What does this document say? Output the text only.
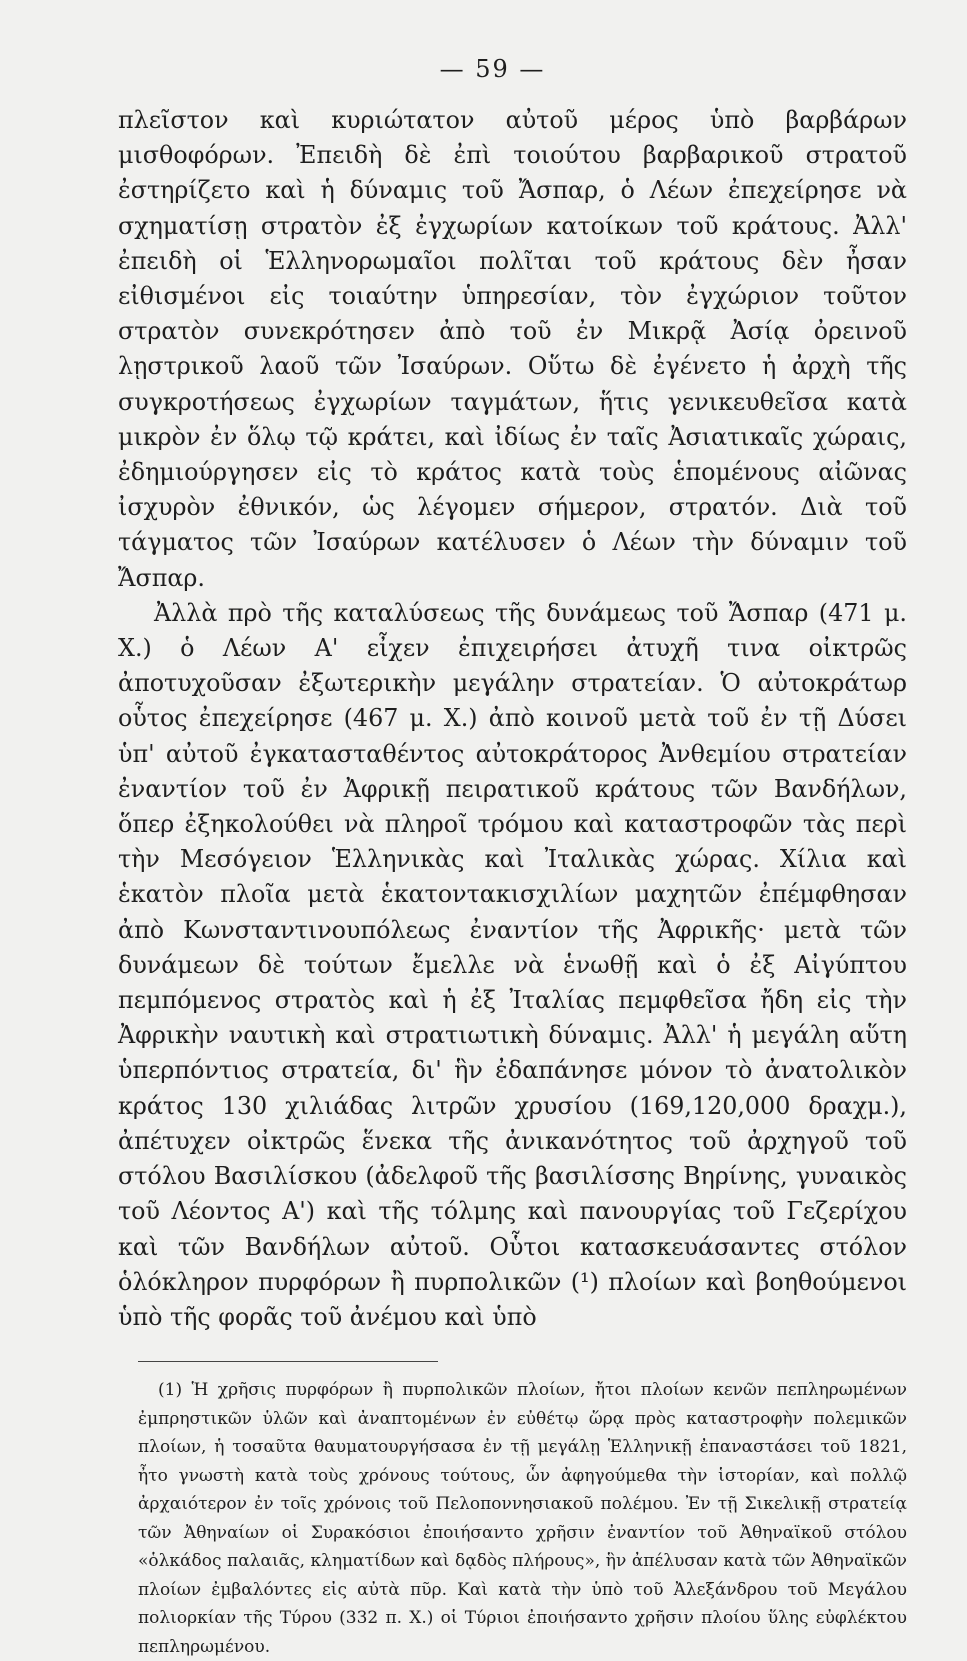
— 59 —

πλεῖστον καὶ κυριώτατον αὐτοῦ μέρος ὑπὸ βαρβάρων μισθοφόρων. Ἐπειδὴ δὲ ἐπὶ τοιούτου βαρβαρικοῦ στρατοῦ ἐστηρίζετο καὶ ἡ δύναμις τοῦ Ἄσπαρ, ὁ Λέων ἐπεχείρησε νὰ σχηματίσῃ στρατὸν ἐξ ἐγχωρίων κατοίκων τοῦ κράτους. Ἀλλ' ἐπειδὴ οἱ Ἑλληνορωμαῖοι πολῖται τοῦ κράτους δὲν ἦσαν εἰθισμένοι εἰς τοιαύτην ὑπηρεσίαν, τὸν ἐγχώριον τοῦτον στρατὸν συνεκρότησεν ἀπὸ τοῦ ἐν Μικρᾷ Ἀσίᾳ ὀρεινοῦ λῃστρικοῦ λαοῦ τῶν Ἰσαύρων. Οὕτω δὲ ἐγένετο ἡ ἀρχὴ τῆς συγκροτήσεως ἐγχωρίων ταγμάτων, ἥτις γενικευθεῖσα κατὰ μικρὸν ἐν ὅλῳ τῷ κράτει, καὶ ἰδίως ἐν ταῖς Ἀσιατικαῖς χώραις, ἐδημιούργησεν εἰς τὸ κράτος κατὰ τοὺς ἑπομένους αἰῶνας ἰσχυρὸν ἐθνικόν, ὡς λέγομεν σήμερον, στρατόν. Διὰ τοῦ τάγματος τῶν Ἰσαύρων κατέλυσεν ὁ Λέων τὴν δύναμιν τοῦ Ἄσπαρ.

Ἀλλὰ πρὸ τῆς καταλύσεως τῆς δυνάμεως τοῦ Ἄσπαρ (471 μ. Χ.) ὁ Λέων Α' εἶχεν ἐπιχειρήσει ἀτυχῆ τινα οἰκτρῶς ἀποτυχοῦσαν ἐξωτερικὴν μεγάλην στρατείαν. Ὁ αὐτοκράτωρ οὗτος ἐπεχείρησε (467 μ. Χ.) ἀπὸ κοινοῦ μετὰ τοῦ ἐν τῇ Δύσει ὑπ' αὐτοῦ ἐγκατασταθέντος αὐτοκράτορος Ἀνθεμίου στρατείαν ἐναντίον τοῦ ἐν Ἀφρικῇ πειρατικοῦ κράτους τῶν Βανδήλων, ὅπερ ἐξηκολούθει νὰ πληροῖ τρόμου καὶ καταστροφῶν τὰς περὶ τὴν Μεσόγειον Ἑλληνικὰς καὶ Ἰταλικὰς χώρας. Χίλια καὶ ἑκατὸν πλοῖα μετὰ ἑκατοντακισχιλίων μαχητῶν ἐπέμφθησαν ἀπὸ Κωνσταντινουπόλεως ἐναντίον τῆς Ἀφρικῆς· μετὰ τῶν δυνάμεων δὲ τούτων ἔμελλε νὰ ἑνωθῇ καὶ ὁ ἐξ Αἰγύπτου πεμπόμενος στρατὸς καὶ ἡ ἐξ Ἰταλίας πεμφθεῖσα ἤδη εἰς τὴν Ἀφρικὴν ναυτικὴ καὶ στρατιωτικὴ δύναμις. Ἀλλ' ἡ μεγάλη αὕτη ὑπερπόντιος στρατεία, δι' ἣν ἐδαπάνησε μόνον τὸ ἀνατολικὸν κράτος 130 χιλιάδας λιτρῶν χρυσίου (169,120,000 δραχμ.), ἀπέτυχεν οἰκτρῶς ἕνεκα τῆς ἀνικανότητος τοῦ ἀρχηγοῦ τοῦ στόλου Βασιλίσκου (ἀδελφοῦ τῆς βασιλίσσης Βηρίνης, γυναικὸς τοῦ Λέοντος Α') καὶ τῆς τόλμης καὶ πανουργίας τοῦ Γεζερίχου καὶ τῶν Βανδήλων αὐτοῦ. Οὗτοι κατασκευάσαντες στόλον ὁλόκληρον πυρφόρων ἢ πυρπολικῶν (¹) πλοίων καὶ βοηθούμενοι ὑπὸ τῆς φορᾶς τοῦ ἀνέμου καὶ ὑπὸ

(1) Ἡ χρῆσις πυρφόρων ἢ πυρπολικῶν πλοίων, ἤτοι πλοίων κενῶν πεπληρωμένων ἐμπρηστικῶν ὑλῶν καὶ ἀναπτομένων ἐν εὐθέτῳ ὥρᾳ πρὸς καταστροφὴν πολεμικῶν πλοίων, ἡ τοσαῦτα θαυματουργήσασα ἐν τῇ μεγάλῃ Ἑλληνικῇ ἐπαναστάσει τοῦ 1821, ἦτο γνωστὴ κατὰ τοὺς χρόνους τούτους, ὧν ἀφηγούμεθα τὴν ἱστορίαν, καὶ πολλῷ ἀρχαιότερον ἐν τοῖς χρόνοις τοῦ Πελοποννησιακοῦ πολέμου. Ἐν τῇ Σικελικῇ στρατείᾳ τῶν Ἀθηναίων οἱ Συρακόσιοι ἐποιήσαντο χρῆσιν ἐναντίον τοῦ Ἀθηναϊκοῦ στόλου «ὁλκάδος παλαιᾶς, κληματίδων καὶ δᾳδὸς πλήρους», ἣν ἀπέλυσαν κατὰ τῶν Ἀθηναϊκῶν πλοίων ἐμβαλόντες εἰς αὐτὰ πῦρ. Καὶ κατὰ τὴν ὑπὸ τοῦ Ἀλεξάνδρου τοῦ Μεγάλου πολιορκίαν τῆς Τύρου (332 π. Χ.) οἱ Τύριοι ἐποιήσαντο χρῆσιν πλοίου ὕλης εὐφλέκτου πεπληρωμένου.
